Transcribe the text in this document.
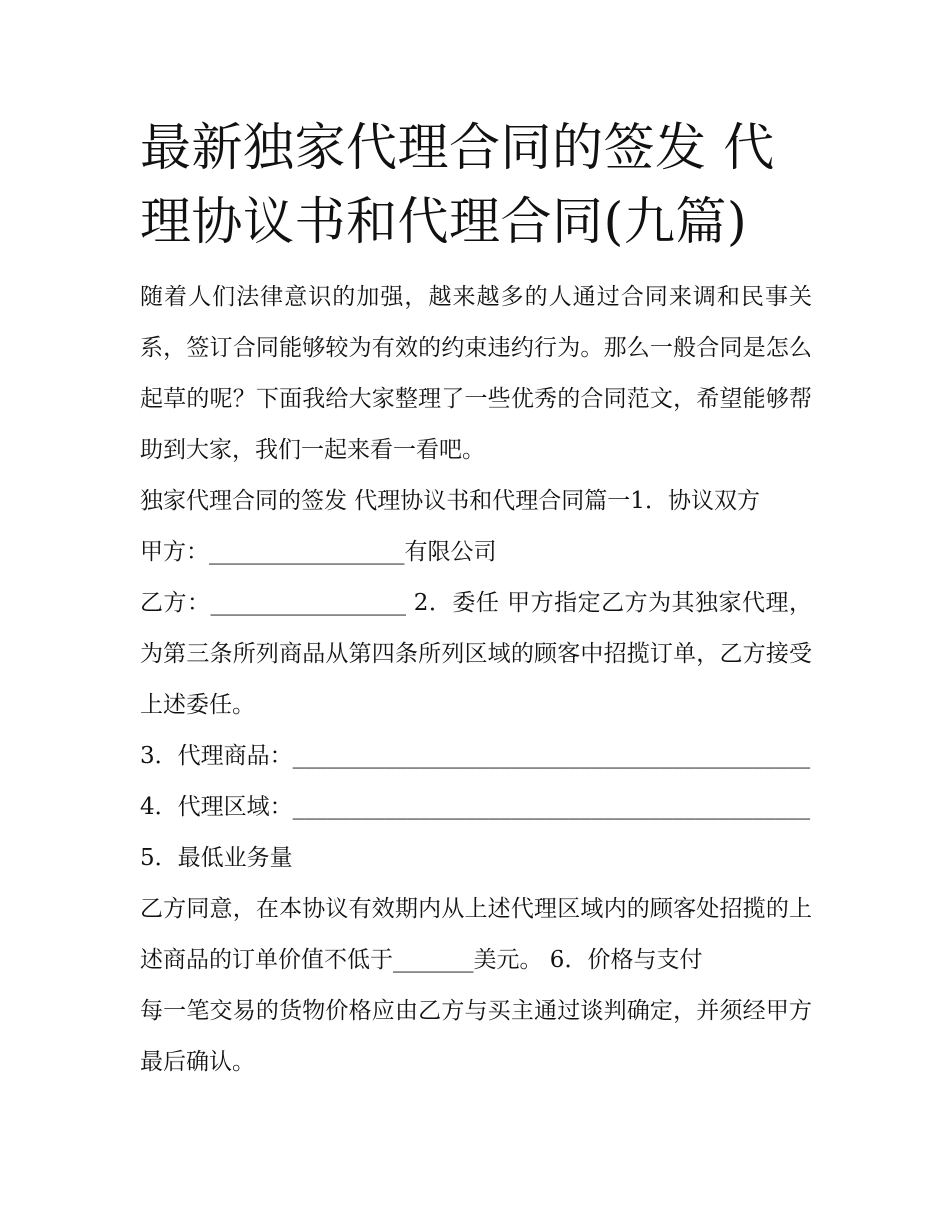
最新独家代理合同的签发 代理协议书和代理合同(九篇)

随着人们法律意识的加强，越来越多的人通过合同来调和民事关系，签订合同能够较为有效的约束违约行为。那么一般合同是怎么起草的呢？下面我给大家整理了一些优秀的合同范文，希望能够帮助到大家，我们一起来看一看吧。

独家代理合同的签发 代理协议书和代理合同篇一1．协议双方

甲方：_________________有限公司

乙方：_________________ 2．委任 甲方指定乙方为其独家代理，为第三条所列商品从第四条所列区域的顾客中招揽订单，乙方接受上述委任。

3．代理商品：_____________________________________________

4．代理区域：_____________________________________________

5．最低业务量

乙方同意，在本协议有效期内从上述代理区域内的顾客处招揽的上述商品的订单价值不低于_______美元。 6．价格与支付

每一笔交易的货物价格应由乙方与买主通过谈判确定，并须经甲方最后确认。
